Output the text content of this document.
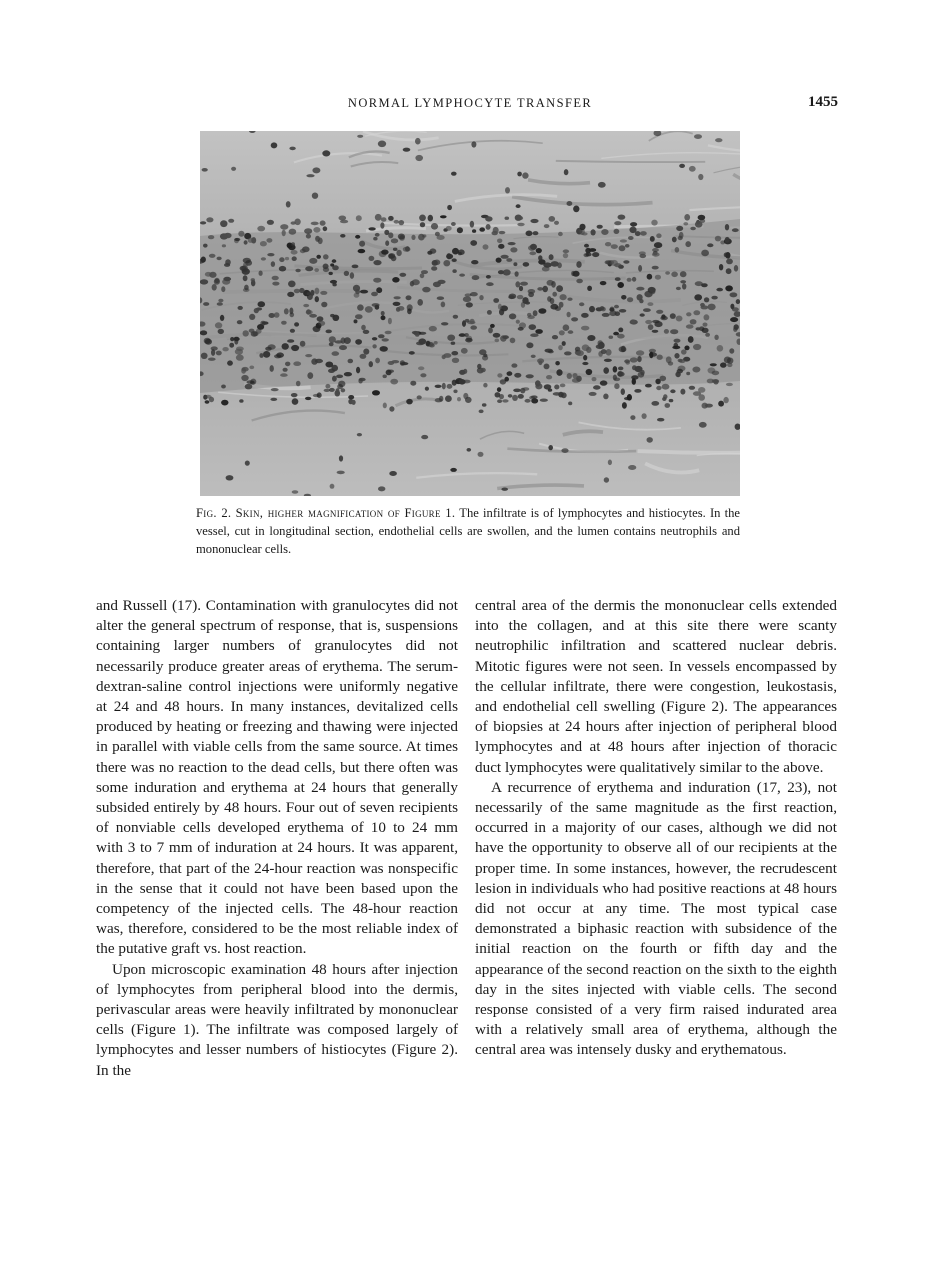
NORMAL LYMPHOCYTE TRANSFER	1455
Fig. 2. Skin, higher magnification of Figure 1. The infiltrate is of lymphocytes and histiocytes. In the vessel, cut in longitudinal section, endothelial cells are swollen, and the lumen contains neutrophils and mononuclear cells.

and Russell (17). Contamination with granulocytes did not alter the general spectrum of response, that is, suspensions containing larger numbers of granulocytes did not necessarily produce greater areas of erythema. The serum-dextran-saline control injections were uniformly negative at 24 and 48 hours. In many instances, devitalized cells produced by heating or freezing and thawing were injected in parallel with viable cells from the same source. At times there was no reaction to the dead cells, but there often was some induration and erythema at 24 hours that generally subsided entirely by 48 hours. Four out of seven recipients of nonviable cells developed erythema of 10 to 24 mm with 3 to 7 mm of induration at 24 hours. It was apparent, therefore, that part of the 24-hour reaction was nonspecific in the sense that it could not have been based upon the competency of the injected cells. The 48-hour reaction was, therefore, considered to be the most reliable index of the putative graft vs. host reaction.

Upon microscopic examination 48 hours after injection of lymphocytes from peripheral blood into the dermis, perivascular areas were heavily infiltrated by mononuclear cells (Figure 1). The infiltrate was composed largely of lymphocytes and lesser numbers of histiocytes (Figure 2). In the

central area of the dermis the mononuclear cells extended into the collagen, and at this site there were scanty neutrophilic infiltration and scattered nuclear debris. Mitotic figures were not seen. In vessels encompassed by the cellular infiltrate, there were congestion, leukostasis, and endothelial cell swelling (Figure 2). The appearances of biopsies at 24 hours after injection of peripheral blood lymphocytes and at 48 hours after injection of thoracic duct lymphocytes were qualitatively similar to the above.

A recurrence of erythema and induration (17, 23), not necessarily of the same magnitude as the first reaction, occurred in a majority of our cases, although we did not have the opportunity to observe all of our recipients at the proper time. In some instances, however, the recrudescent lesion in individuals who had positive reactions at 48 hours did not occur at any time. The most typical case demonstrated a biphasic reaction with subsidence of the initial reaction on the fourth or fifth day and the appearance of the second reaction on the sixth to the eighth day in the sites injected with viable cells. The second response consisted of a very firm raised indurated area with a relatively small area of erythema, although the central area was intensely dusky and erythematous.
